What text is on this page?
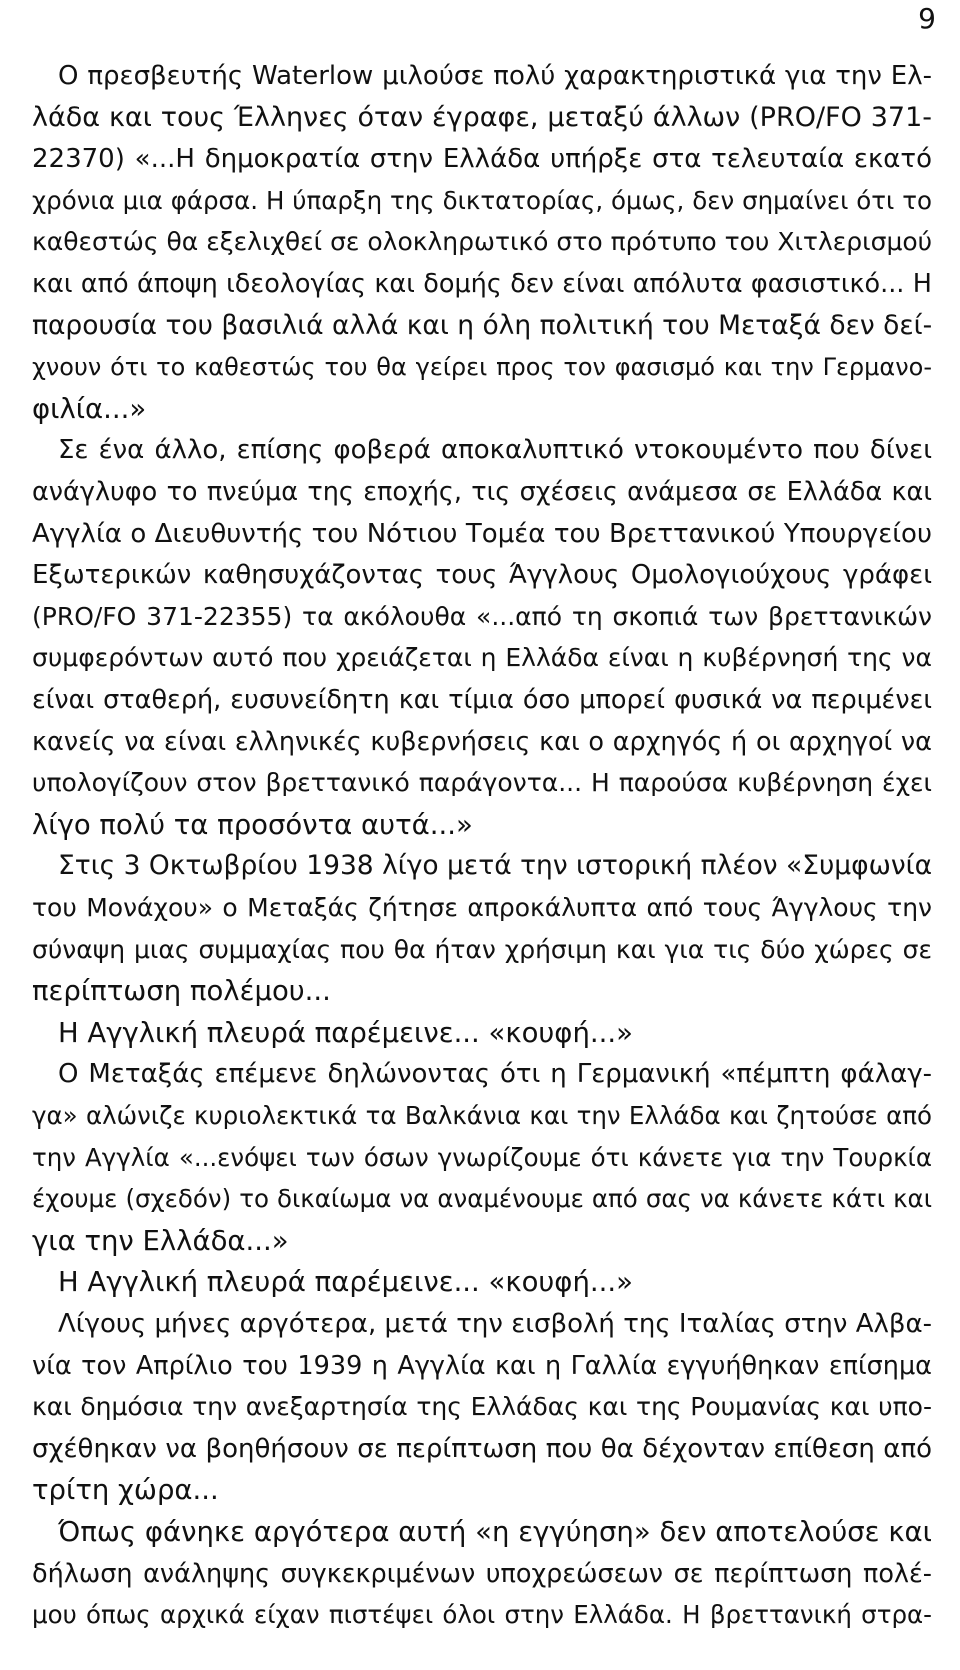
9
Ο πρεσβευτής Waterlow μιλούσε πολύ χαρακτηριστικά για την Ελ-
λάδα και τους Έλληνες όταν έγραφε, μεταξύ άλλων (PRO/FO 371-
22370) «...Η δημοκρατία στην Ελλάδα υπήρξε στα τελευταία εκατό
χρόνια μια φάρσα. Η ύπαρξη της δικτατορίας, όμως, δεν σημαίνει ότι το
καθεστώς θα εξελιχθεί σε ολοκληρωτικό στο πρότυπο του Χιτλερισμού
και από άποψη ιδεολογίας και δομής δεν είναι απόλυτα φασιστικό... Η
παρουσία του βασιλιά αλλά και η όλη πολιτική του Μεταξά δεν δεί-
χνουν ότι το καθεστώς του θα γείρει προς τον φασισμό και την Γερμανο-
φιλία...»
Σε ένα άλλο, επίσης φοβερά αποκαλυπτικό ντοκουμέντο που δίνει
ανάγλυφο το πνεύμα της εποχής, τις σχέσεις ανάμεσα σε Ελλάδα και
Αγγλία ο Διευθυντής του Νότιου Τομέα του Βρεττανικού Υπουργείου
Εξωτερικών καθησυχάζοντας τους Άγγλους Ομολογιούχους γράφει
(PRO/FO 371-22355) τα ακόλουθα «...από τη σκοπιά των βρεττανικών
συμφερόντων αυτό που χρειάζεται η Ελλάδα είναι η κυβέρνησή της να
είναι σταθερή, ευσυνείδητη και τίμια όσο μπορεί φυσικά να περιμένει
κανείς να είναι ελληνικές κυβερνήσεις και ο αρχηγός ή οι αρχηγοί να
υπολογίζουν στον βρεττανικό παράγοντα... Η παρούσα κυβέρνηση έχει
λίγο πολύ τα προσόντα αυτά...»
Στις 3 Οκτωβρίου 1938 λίγο μετά την ιστορική πλέον «Συμφωνία
του Μονάχου» ο Μεταξάς ζήτησε απροκάλυπτα από τους Άγγλους την
σύναψη μιας συμμαχίας που θα ήταν χρήσιμη και για τις δύο χώρες σε
περίπτωση πολέμου...
Η Αγγλική πλευρά παρέμεινε... «κουφή...»
Ο Μεταξάς επέμενε δηλώνοντας ότι η Γερμανική «πέμπτη φάλαγ-
γα» αλώνιζε κυριολεκτικά τα Βαλκάνια και την Ελλάδα και ζητούσε από
την Αγγλία «...ενόψει των όσων γνωρίζουμε ότι κάνετε για την Τουρκία
έχουμε (σχεδόν) το δικαίωμα να αναμένουμε από σας να κάνετε κάτι και
για την Ελλάδα...»
Η Αγγλική πλευρά παρέμεινε... «κουφή...»
Λίγους μήνες αργότερα, μετά την εισβολή της Ιταλίας στην Αλβα-
νία τον Απρίλιο του 1939 η Αγγλία και η Γαλλία εγγυήθηκαν επίσημα
και δημόσια την ανεξαρτησία της Ελλάδας και της Ρουμανίας και υπο-
σχέθηκαν να βοηθήσουν σε περίπτωση που θα δέχονταν επίθεση από
τρίτη χώρα...
Όπως φάνηκε αργότερα αυτή «η εγγύηση» δεν αποτελούσε και
δήλωση ανάληψης συγκεκριμένων υποχρεώσεων σε περίπτωση πολέ-
μου όπως αρχικά είχαν πιστέψει όλοι στην Ελλάδα. Η βρεττανική στρα-
